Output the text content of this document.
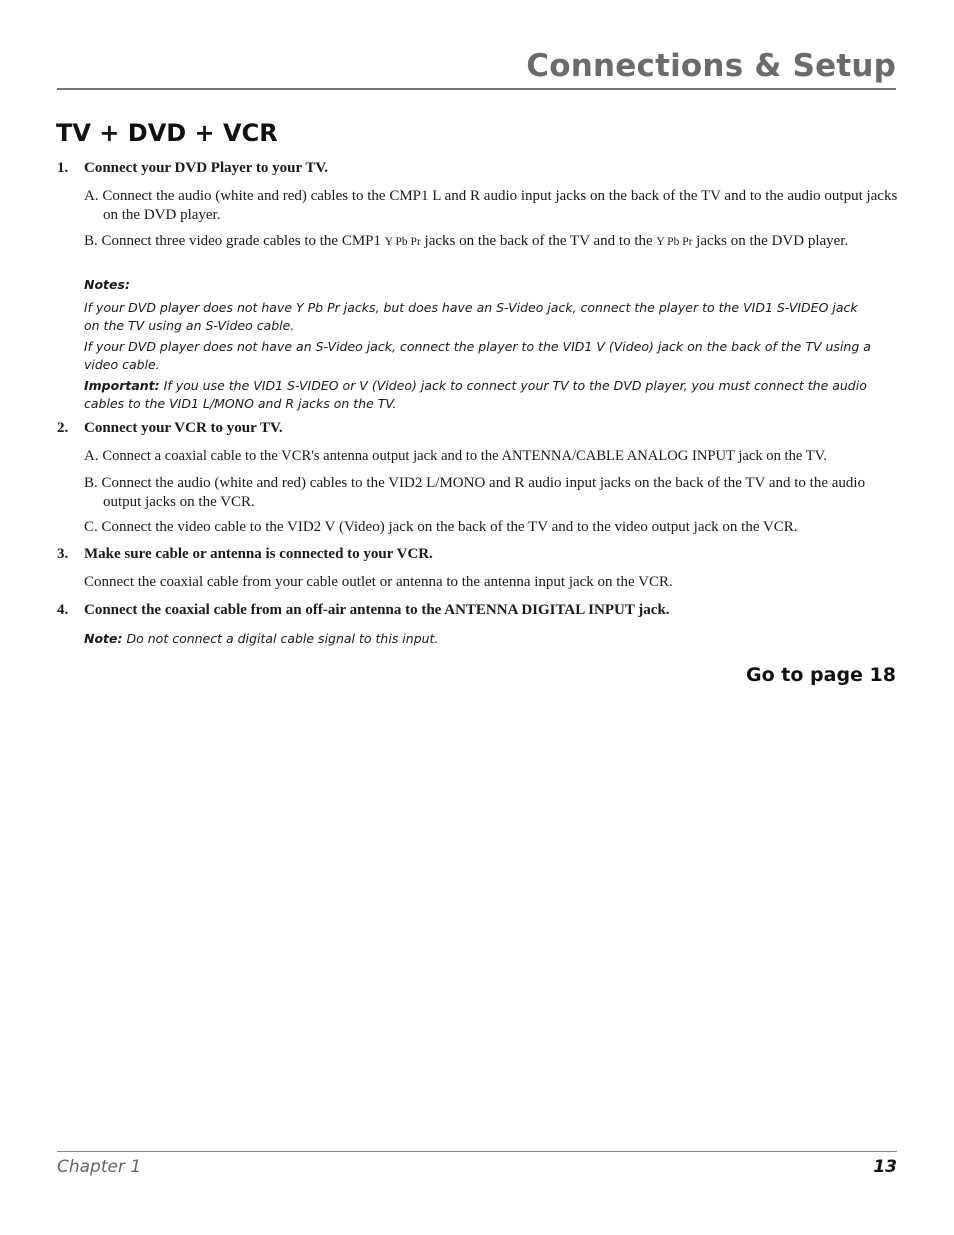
Connections & Setup
TV + DVD + VCR
1. Connect your DVD Player to your TV.
A. Connect the audio (white and red) cables to the CMP1 L and R audio input jacks on the back of the TV and to the audio output jacks on the DVD player.
B. Connect three video grade cables to the CMP1 Y Pb Pr jacks on the back of the TV and to the Y Pb Pr jacks on the DVD player.
Notes:
If your DVD player does not have Y Pb Pr jacks, but does have an S-Video jack, connect the player to the VID1 S-VIDEO jack on the TV using an S-Video cable.
If your DVD player does not have an S-Video jack, connect the player to the VID1 V (Video) jack on the back of the TV using a video cable.
Important: If you use the VID1 S-VIDEO or V (Video) jack to connect your TV to the DVD player, you must connect the audio cables to the VID1 L/MONO and R jacks on the TV.
2. Connect your VCR to your TV.
A. Connect a coaxial cable to the VCR's antenna output jack and to the ANTENNA/CABLE ANALOG INPUT jack on the TV.
B. Connect the audio (white and red) cables to the VID2 L/MONO and R audio input jacks on the back of the TV and to the audio output jacks on the VCR.
C. Connect the video cable to the VID2 V (Video) jack on the back of the TV and to the video output jack on the VCR.
3. Make sure cable or antenna is connected to your VCR.
Connect the coaxial cable from your cable outlet or antenna to the antenna input jack on the VCR.
4. Connect the coaxial cable from an off-air antenna to the ANTENNA DIGITAL INPUT jack.
Note: Do not connect a digital cable signal to this input.
Go to page 18
Chapter 1	13
